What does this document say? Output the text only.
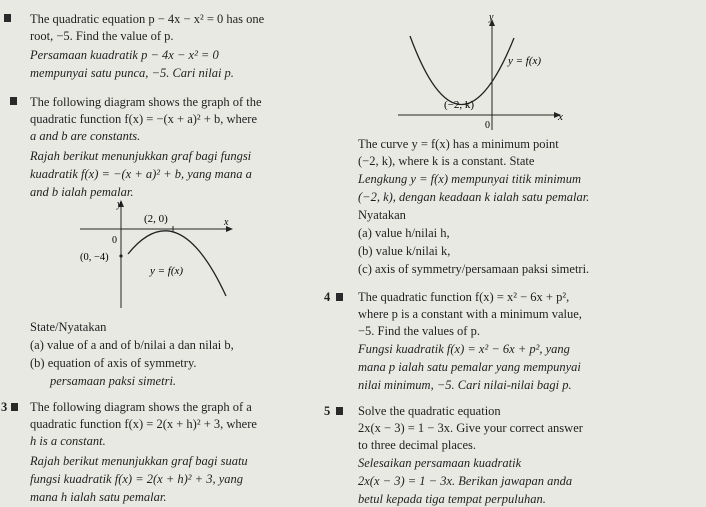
The quadratic equation p − 4x − x² = 0 has one
root, −5. Find the value of p.
Persamaan kuadratik p − 4x − x² = 0
mempunyai satu punca, −5. Cari nilai p.
The following diagram shows the graph of the
quadratic function f(x) = −(x + a)² + b, where
a and b are constants.
Rajah berikut menunjukkan graf bagi fungsi
kuadratik f(x) = −(x + a)² + b, yang mana a
and b ialah pemalar.
y
x
0
(2, 0)
(0, −4)
y = f(x)
State/Nyatakan
(a) value of a and of b/nilai a dan nilai b,
(b) equation of axis of symmetry.
persamaan paksi simetri.
3 The following diagram shows the graph of a
quadratic function f(x) = 2(x + h)² + 3, where
h is a constant.
Rajah berikut menunjukkan graf bagi suatu
fungsi kuadratik f(x) = 2(x + h)² + 3, yang
mana h ialah satu pemalar.
y
x
0
(−2, k)
y = f(x)
The curve y = f(x) has a minimum point
(−2, k), where k is a constant. State
Lengkung y = f(x) mempunyai titik minimum
(−2, k), dengan keadaan k ialah satu pemalar.
Nyatakan
(a) value h/nilai h,
(b) value k/nilai k,
(c) axis of symmetry/persamaan paksi simetri.
4 The quadratic function f(x) = x² − 6x + p²,
where p is a constant with a minimum value,
−5. Find the values of p.
Fungsi kuadratik f(x) = x² − 6x + p², yang
mana p ialah satu pemalar yang mempunyai
nilai minimum, −5. Cari nilai-nilai bagi p.
5 Solve the quadratic equation
2x(x − 3) = 1 − 3x. Give your correct answer
to three decimal places.
Selesaikan persamaan kuadratik
2x(x − 3) = 1 − 3x. Berikan jawapan anda
betul kepada tiga tempat perpuluhan.
